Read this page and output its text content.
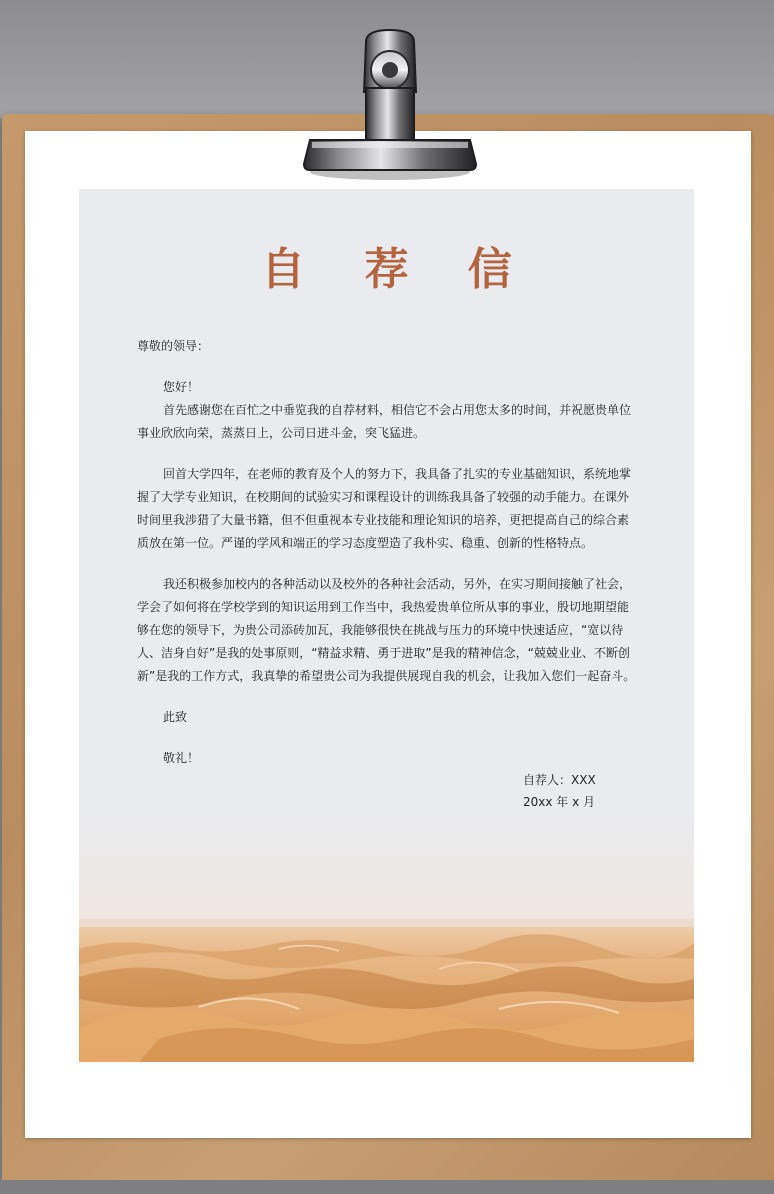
自 荐 信

尊敬的领导：

您好！

首先感谢您在百忙之中垂览我的自荐材料，相信它不会占用您太多的时间，并祝愿贵单位事业欣欣向荣，蒸蒸日上，公司日进斗金，突飞猛进。

回首大学四年，在老师的教育及个人的努力下，我具备了扎实的专业基础知识，系统地掌握了大学专业知识，在校期间的试验实习和课程设计的训练我具备了较强的动手能力。在课外时间里我涉猎了大量书籍，但不但重视本专业技能和理论知识的培养，更把提高自己的综合素质放在第一位。严谨的学风和端正的学习态度塑造了我朴实、稳重、创新的性格特点。

我还积极参加校内的各种活动以及校外的各种社会活动，另外，在实习期间接触了社会，学会了如何将在学校学到的知识运用到工作当中，我热爱贵单位所从事的事业，殷切地期望能够在您的领导下，为贵公司添砖加瓦，我能够很快在挑战与压力的环境中快速适应，“宽以待人、洁身自好”是我的处事原则，“精益求精、勇于进取”是我的精神信念，“兢兢业业、不断创新”是我的工作方式，我真挚的希望贵公司为我提供展现自我的机会，让我加入您们一起奋斗。

此致

敬礼！

自荐人：XXX
20xx 年 x 月
